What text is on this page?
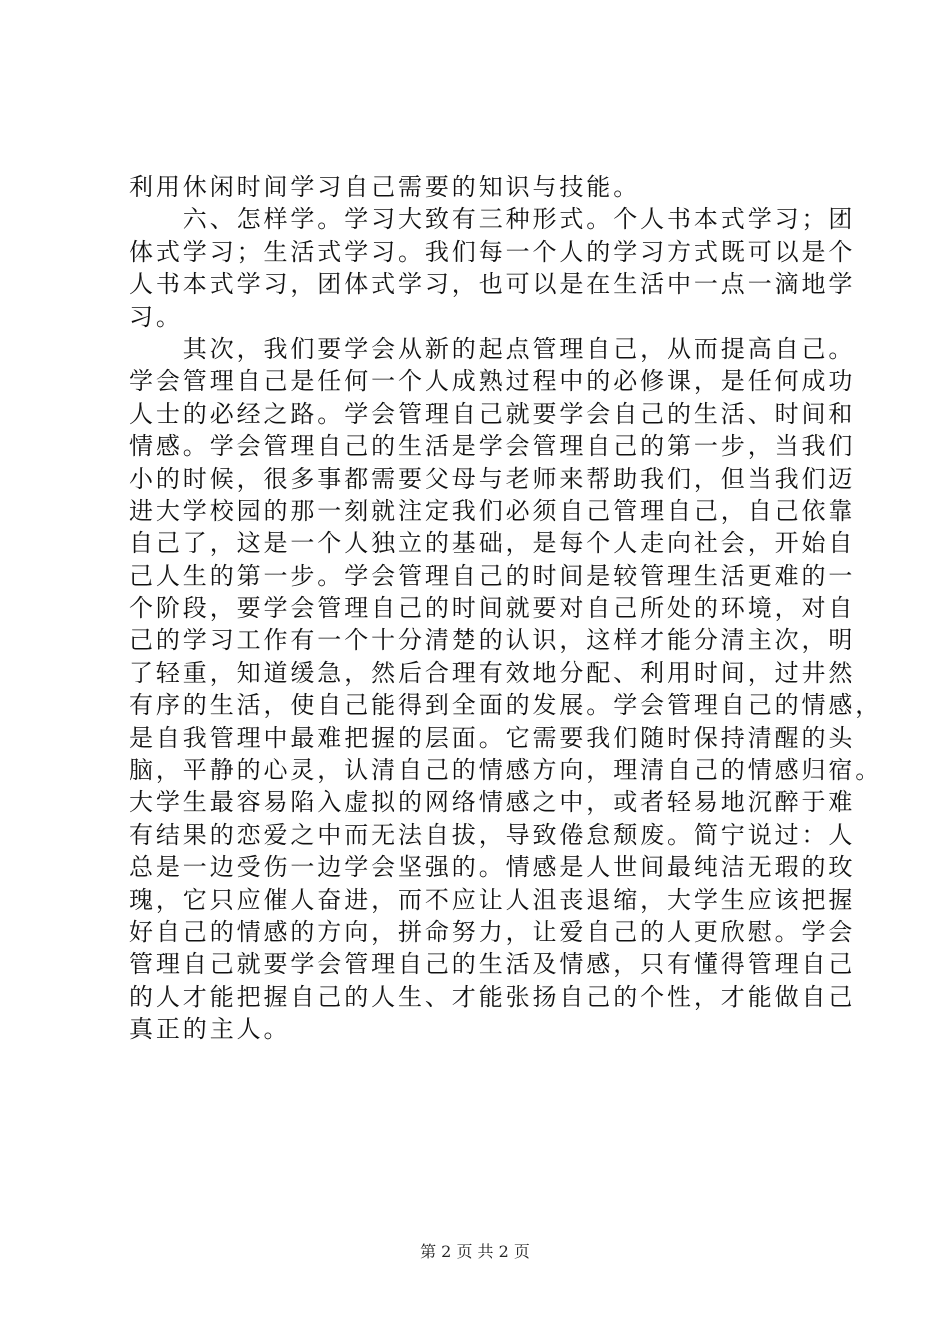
利用休闲时间学习自己需要的知识与技能。
　　六、怎样学。学习大致有三种形式。个人书本式学习；团
体式学习；生活式学习。我们每一个人的学习方式既可以是个
人书本式学习，团体式学习，也可以是在生活中一点一滴地学
习。
　　其次，我们要学会从新的起点管理自己，从而提高自己。
学会管理自己是任何一个人成熟过程中的必修课，是任何成功
人士的必经之路。学会管理自己就要学会自己的生活、时间和
情感。学会管理自己的生活是学会管理自己的第一步，当我们
小的时候，很多事都需要父母与老师来帮助我们，但当我们迈
进大学校园的那一刻就注定我们必须自己管理自己，自己依靠
自己了，这是一个人独立的基础，是每个人走向社会，开始自
己人生的第一步。学会管理自己的时间是较管理生活更难的一
个阶段，要学会管理自己的时间就要对自己所处的环境，对自
己的学习工作有一个十分清楚的认识，这样才能分清主次，明
了轻重，知道缓急，然后合理有效地分配、利用时间，过井然
有序的生活，使自己能得到全面的发展。学会管理自己的情感，
是自我管理中最难把握的层面。它需要我们随时保持清醒的头
脑，平静的心灵，认清自己的情感方向，理清自己的情感归宿。
大学生最容易陷入虚拟的网络情感之中，或者轻易地沉醉于难
有结果的恋爱之中而无法自拔，导致倦怠颓废。简宁说过：人
总是一边受伤一边学会坚强的。情感是人世间最纯洁无瑕的玫
瑰，它只应催人奋进，而不应让人沮丧退缩，大学生应该把握
好自己的情感的方向，拼命努力，让爱自己的人更欣慰。学会
管理自己就要学会管理自己的生活及情感，只有懂得管理自己
的人才能把握自己的人生、才能张扬自己的个性，才能做自己
真正的主人。
第 2 页 共 2 页
